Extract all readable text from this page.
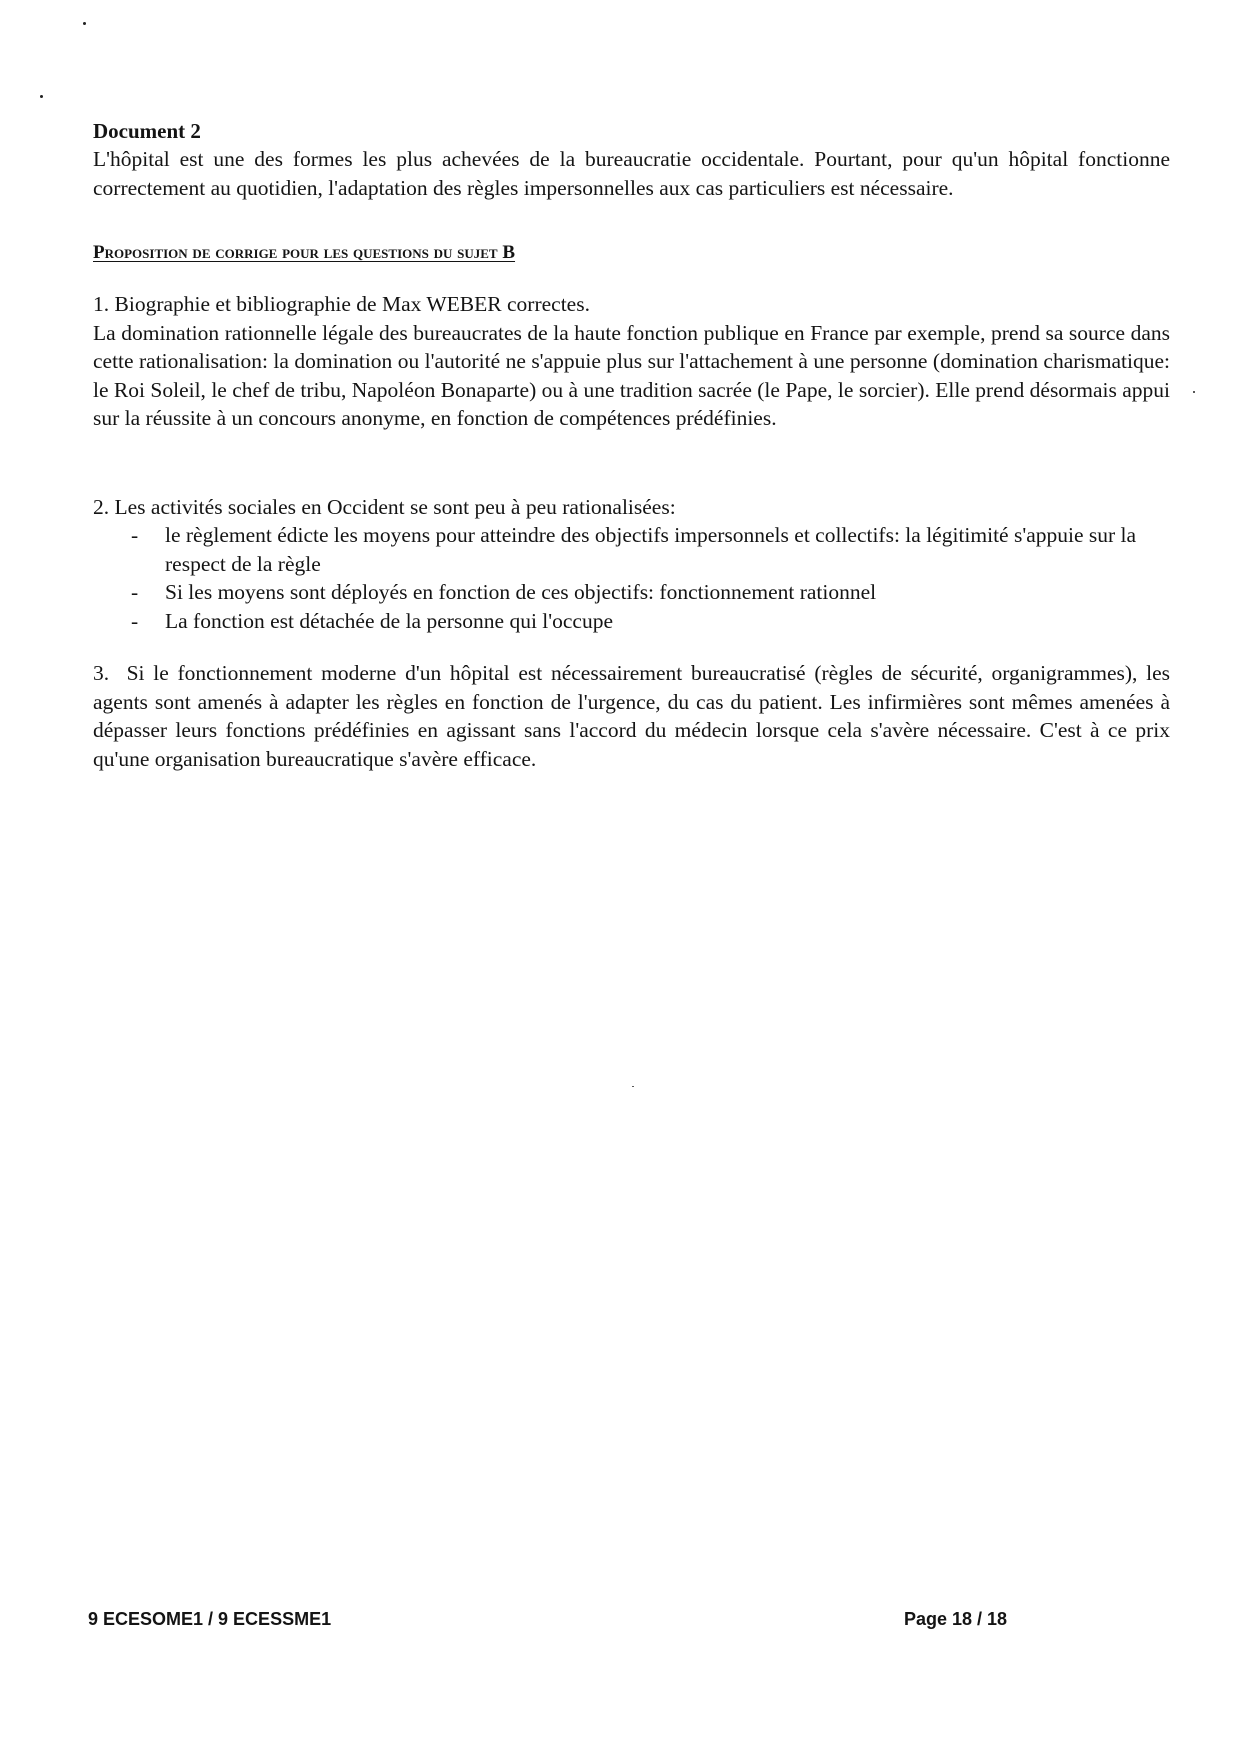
Document 2

L'hôpital est une des formes les plus achevées de la bureaucratie occidentale. Pourtant, pour qu'un hôpital fonctionne correctement au quotidien, l'adaptation des règles impersonnelles aux cas particuliers est nécessaire.

Proposition de corrige pour les questions du sujet B

1. Biographie et bibliographie de Max WEBER correctes.

La domination rationnelle légale des bureaucrates de la haute fonction publique en France par exemple, prend sa source dans cette rationalisation: la domination ou l'autorité ne s'appuie plus sur l'attachement à une personne (domination charismatique: le Roi Soleil, le chef de tribu, Napoléon Bonaparte) ou à une tradition sacrée (le Pape, le sorcier). Elle prend désormais appui sur la réussite à un concours anonyme, en fonction de compétences prédéfinies.

2. Les activités sociales en Occident se sont peu à peu rationalisées:

- le règlement édicte les moyens pour atteindre des objectifs impersonnels et collectifs: la légitimité s'appuie sur la respect de la règle
- Si les moyens sont déployés en fonction de ces objectifs: fonctionnement rationnel
- La fonction est détachée de la personne qui l'occupe

3. Si le fonctionnement moderne d'un hôpital est nécessairement bureaucratisé (règles de sécurité, organigrammes), les agents sont amenés à adapter les règles en fonction de l'urgence, du cas du patient. Les infirmières sont mêmes amenées à dépasser leurs fonctions prédéfinies en agissant sans l'accord du médecin lorsque cela s'avère nécessaire. C'est à ce prix qu'une organisation bureaucratique s'avère efficace.

9 ECESOME1 / 9 ECESSME1	Page 18 / 18
